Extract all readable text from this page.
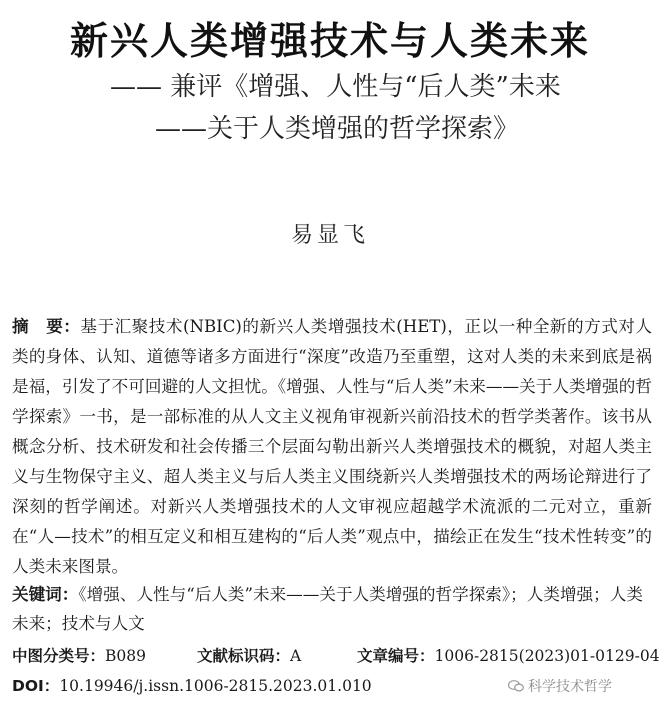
新兴人类增强技术与人类未来
—— 兼评《增强、人性与“后人类”未来
——关于人类增强的哲学探索》
易显飞
摘　要：基于汇聚技术(NBIC)的新兴人类增强技术(HET)，正以一种全新的方式对人类的身体、认知、道德等诸多方面进行“深度”改造乃至重塑，这对人类的未来到底是祸是福，引发了不可回避的人文担忧。《增强、人性与“后人类”未来——关于人类增强的哲学探索》一书，是一部标准的从人文主义视角审视新兴前沿技术的哲学类著作。该书从概念分析、技术研发和社会传播三个层面勾勒出新兴人类增强技术的概貌，对超人类主义与生物保守主义、超人类主义与后人类主义围绕新兴人类增强技术的两场论辩进行了深刻的哲学阐述。对新兴人类增强技术的人文审视应超越学术流派的二元对立，重新在“人—技术”的相互定义和相互建构的“后人类”观点中，描绘正在发生“技术性转变”的人类未来图景。
关键词：《增强、人性与“后人类”未来——关于人类增强的哲学探索》；人类增强；人类未来；技术与人文
中图分类号：B089	文献标识码：A	文章编号：1006-2815(2023)01-0129-04
DOI：10.19946/j.issn.1006-2815.2023.01.010	科学技术哲学
